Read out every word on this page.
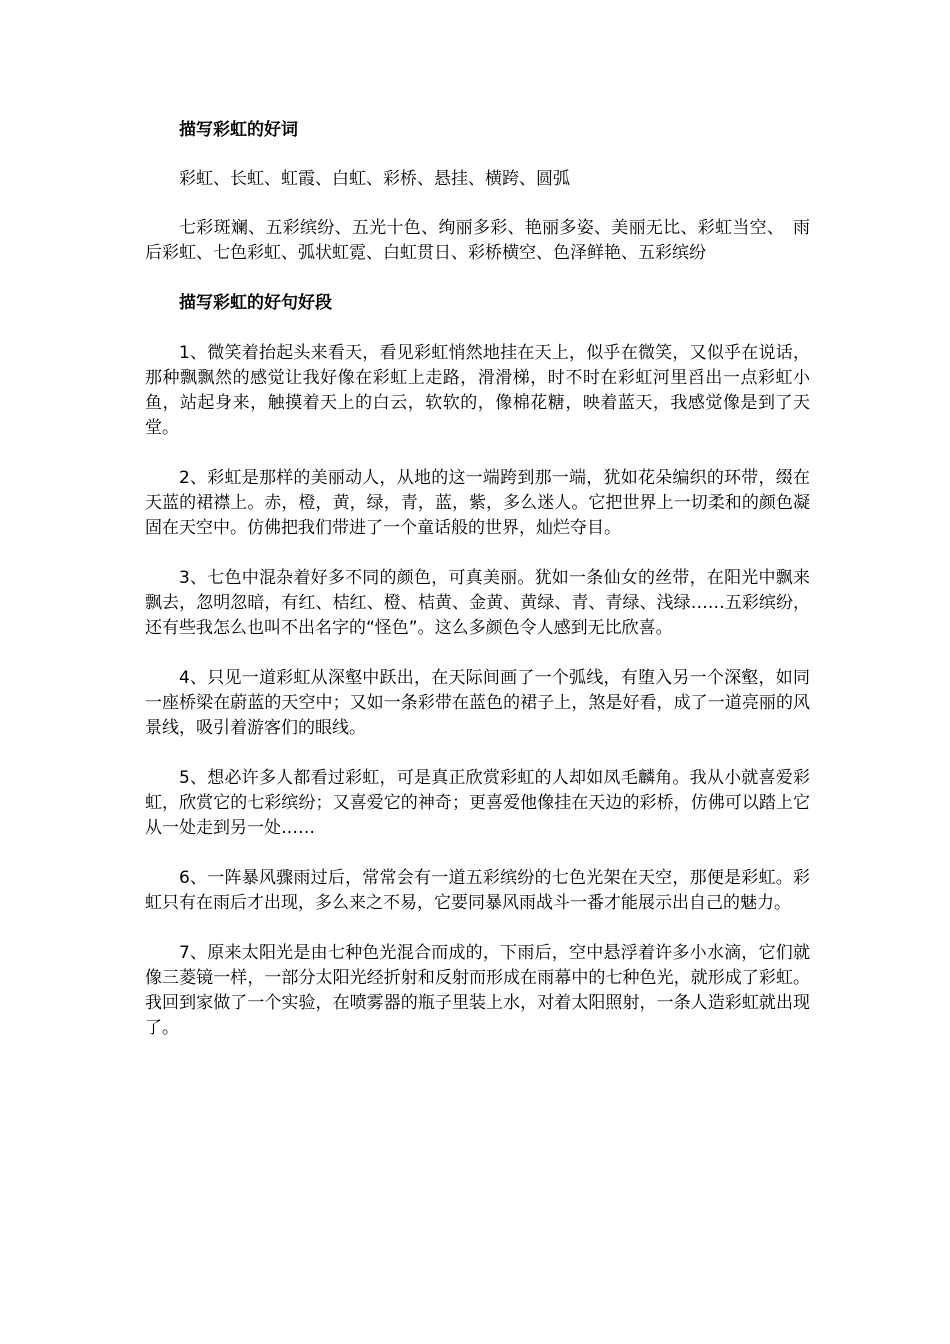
描写彩虹的好词

彩虹、长虹、虹霞、白虹、彩桥、悬挂、横跨、圆弧

七彩斑斓、五彩缤纷、五光十色、绚丽多彩、艳丽多姿、美丽无比、彩虹当空、　雨后彩虹、七色彩虹、弧状虹霓、白虹贯日、彩桥横空、色泽鲜艳、五彩缤纷

描写彩虹的好句好段

1、微笑着抬起头来看天，看见彩虹悄然地挂在天上，似乎在微笑，又似乎在说话，那种飘飘然的感觉让我好像在彩虹上走路，滑滑梯，时不时在彩虹河里舀出一点彩虹小鱼，站起身来，触摸着天上的白云，软软的，像棉花糖，映着蓝天，我感觉像是到了天堂。

2、彩虹是那样的美丽动人，从地的这一端跨到那一端，犹如花朵编织的环带，缀在天蓝的裙襟上。赤，橙，黄，绿，青，蓝，紫，多么迷人。它把世界上一切柔和的颜色凝固在天空中。仿佛把我们带进了一个童话般的世界，灿烂夺目。

3、七色中混杂着好多不同的颜色，可真美丽。犹如一条仙女的丝带，在阳光中飘来飘去，忽明忽暗，有红、桔红、橙、桔黄、金黄、黄绿、青、青绿、浅绿……五彩缤纷，还有些我怎么也叫不出名字的“怪色”。这么多颜色令人感到无比欣喜。

4、只见一道彩虹从深壑中跃出，在天际间画了一个弧线，有堕入另一个深壑，如同一座桥梁在蔚蓝的天空中；又如一条彩带在蓝色的裙子上，煞是好看，成了一道亮丽的风景线，吸引着游客们的眼线。

5、想必许多人都看过彩虹，可是真正欣赏彩虹的人却如凤毛麟角。我从小就喜爱彩虹，欣赏它的七彩缤纷；又喜爱它的神奇；更喜爱他像挂在天边的彩桥，仿佛可以踏上它从一处走到另一处……

6、一阵暴风骤雨过后，常常会有一道五彩缤纷的七色光架在天空，那便是彩虹。彩虹只有在雨后才出现，多么来之不易，它要同暴风雨战斗一番才能展示出自己的魅力。

7、原来太阳光是由七种色光混合而成的，下雨后，空中悬浮着许多小水滴，它们就像三菱镜一样，一部分太阳光经折射和反射而形成在雨幕中的七种色光，就形成了彩虹。我回到家做了一个实验，在喷雾器的瓶子里装上水，对着太阳照射，一条人造彩虹就出现了。
